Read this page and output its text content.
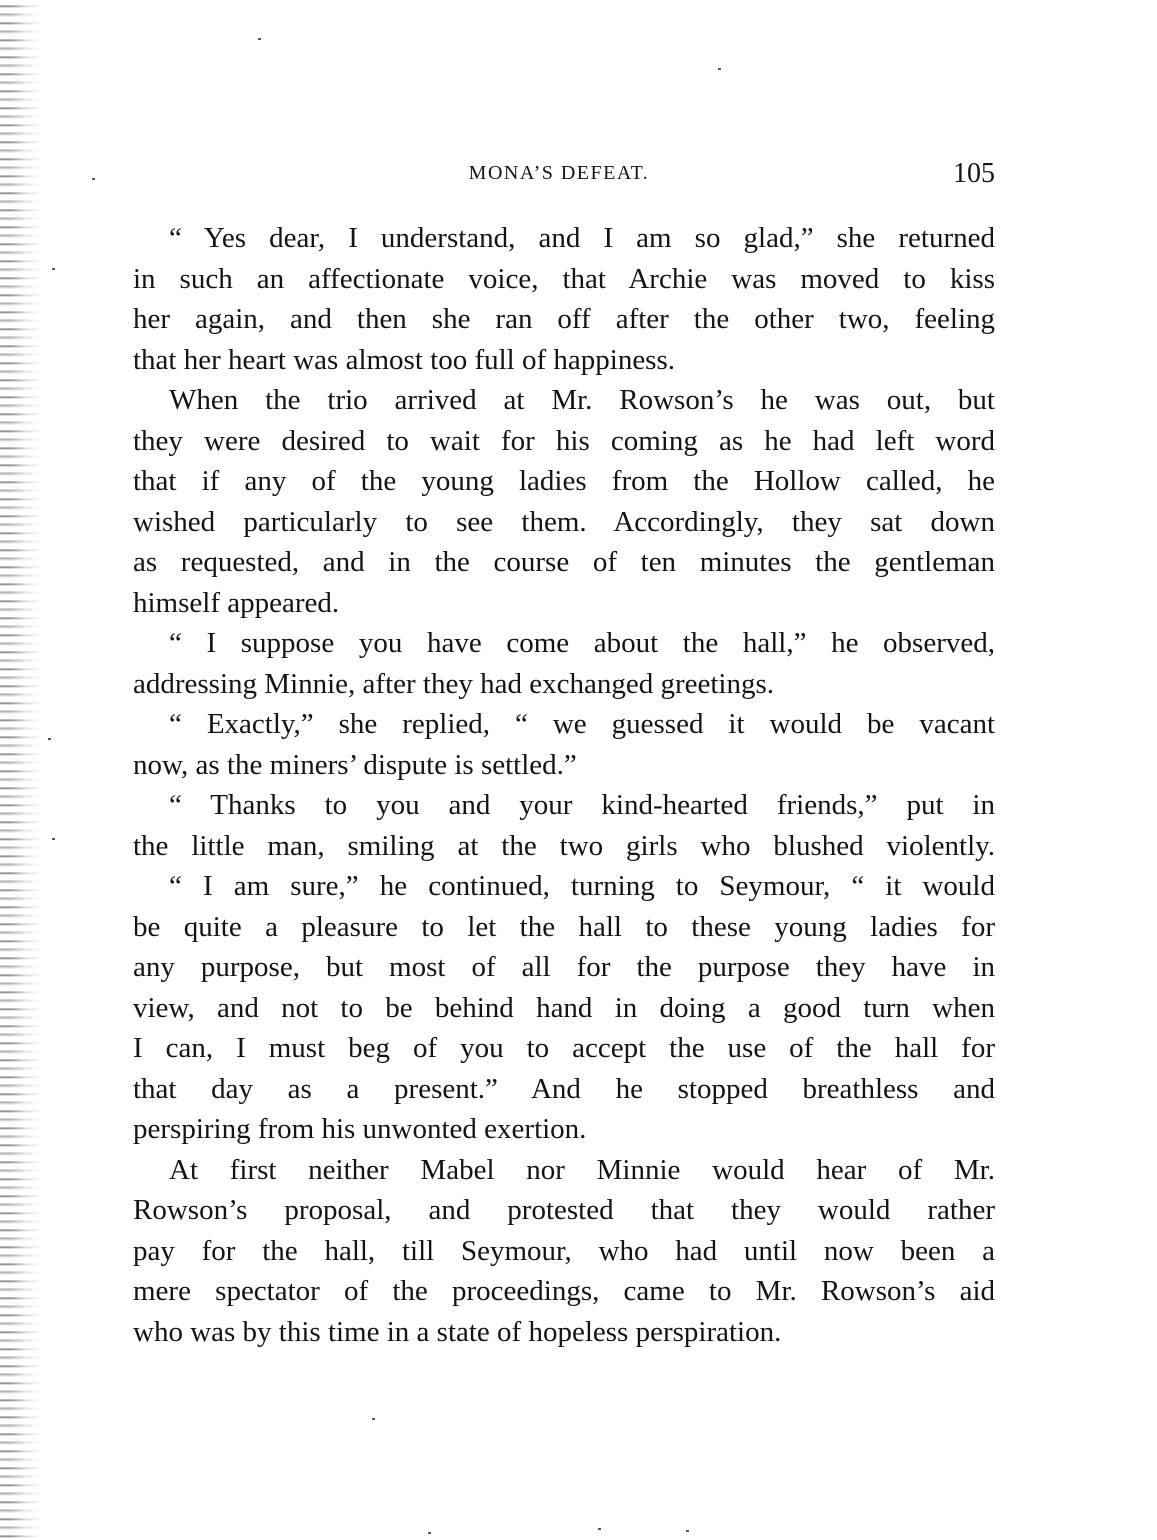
MONA’S DEFEAT.	105
“ Yes dear, I understand, and I am so glad,” she returned
in such an affectionate voice, that Archie was moved to kiss
her again, and then she ran off after the other two, feeling
that her heart was almost too full of happiness.
When the trio arrived at Mr. Rowson’s he was out, but
they were desired to wait for his coming as he had left word
that if any of the young ladies from the Hollow called, he
wished particularly to see them. Accordingly, they sat down
as requested, and in the course of ten minutes the gentleman
himself appeared.
“ I suppose you have come about the hall,” he observed,
addressing Minnie, after they had exchanged greetings.
“ Exactly,” she replied, “ we guessed it would be vacant
now, as the miners’ dispute is settled.”
“ Thanks to you and your kind-hearted friends,” put in
the little man, smiling at the two girls who blushed violently.
“ I am sure,” he continued, turning to Seymour, “ it would
be quite a pleasure to let the hall to these young ladies for
any purpose, but most of all for the purpose they have in
view, and not to be behind hand in doing a good turn when
I can, I must beg of you to accept the use of the hall for
that day as a present.” And he stopped breathless and
perspiring from his unwonted exertion.
At first neither Mabel nor Minnie would hear of Mr.
Rowson’s proposal, and protested that they would rather
pay for the hall, till Seymour, who had until now been a
mere spectator of the proceedings, came to Mr. Rowson’s aid
who was by this time in a state of hopeless perspiration.
